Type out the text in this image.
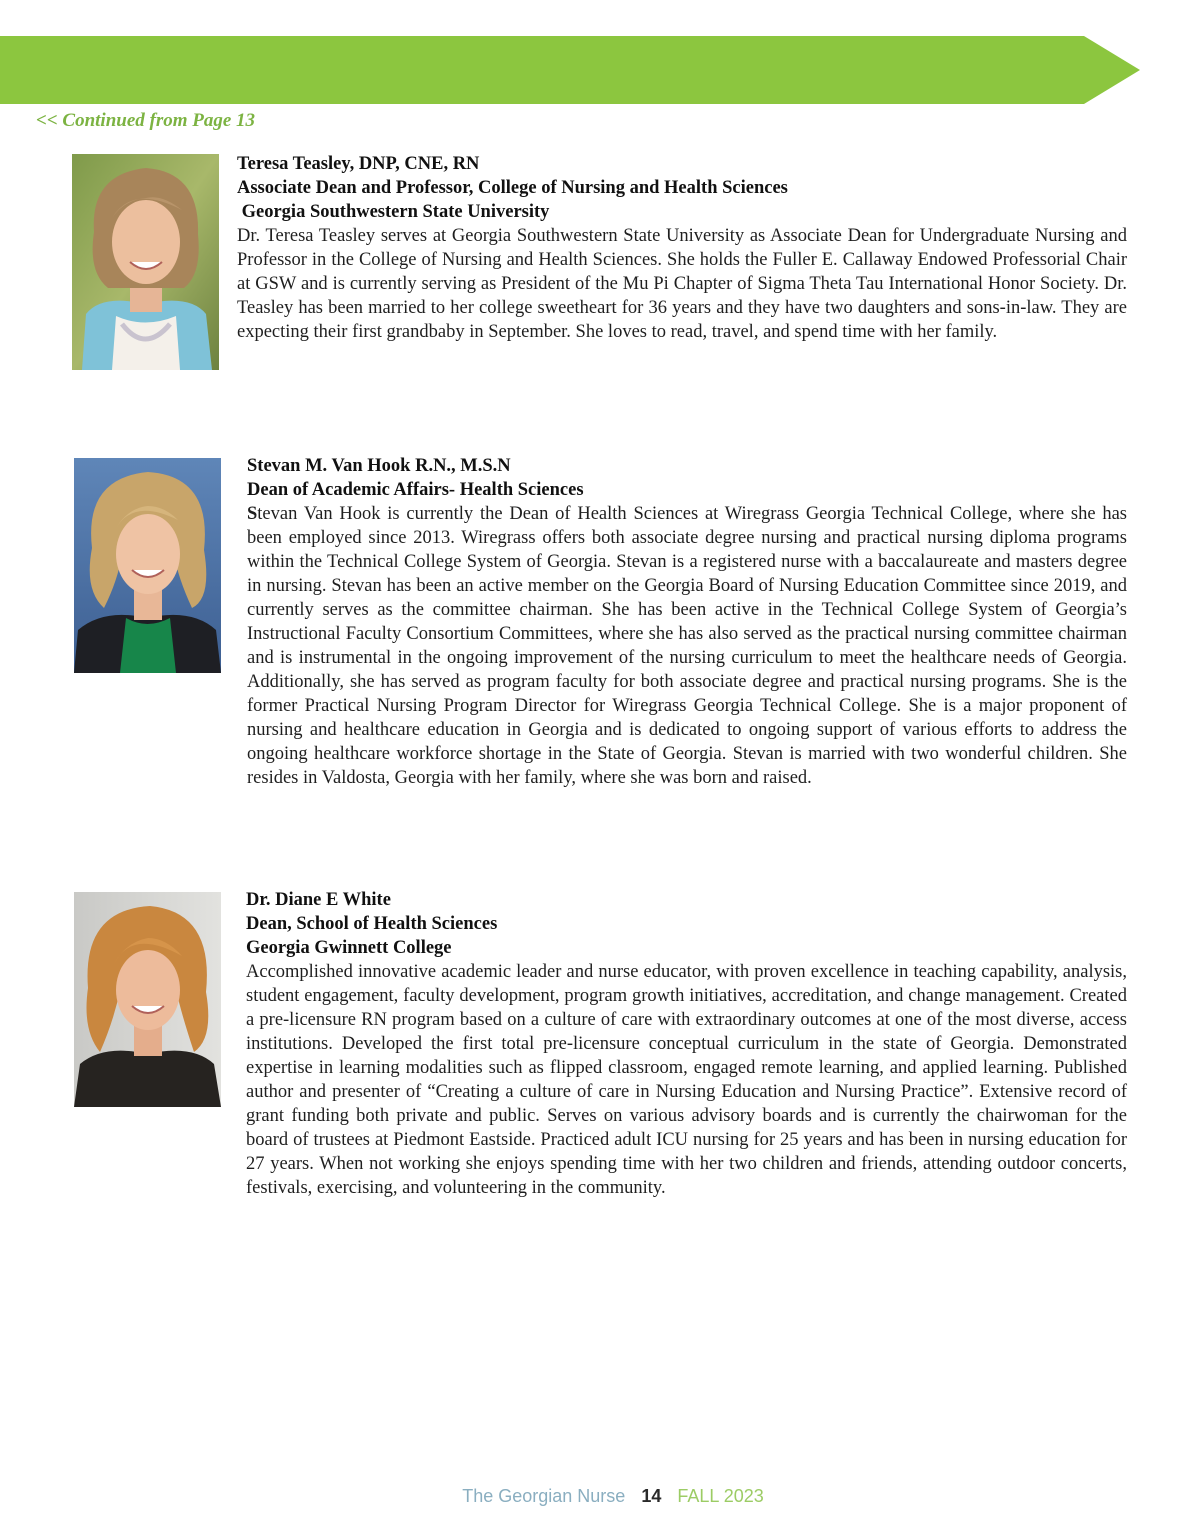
<< Continued from Page 13

Teresa Teasley, DNP, CNE, RN

Associate Dean and Professor, College of Nursing and Health Sciences

Georgia Southwestern State University

Dr. Teresa Teasley serves at Georgia Southwestern State University as Associate Dean for Undergraduate Nursing and Professor in the College of Nursing and Health Sciences. She holds the Fuller E. Callaway Endowed Professorial Chair at GSW and is currently serving as President of the Mu Pi Chapter of Sigma Theta Tau International Honor Society. Dr. Teasley has been married to her college sweetheart for 36 years and they have two daughters and sons-in-law. They are expecting their first grandbaby in September. She loves to read, travel, and spend time with her family.

Stevan M. Van Hook R.N., M.S.N

Dean of Academic Affairs- Health Sciences

Stevan Van Hook is currently the Dean of Health Sciences at Wiregrass Georgia Technical College, where she has been employed since 2013. Wiregrass offers both associate degree nursing and practical nursing diploma programs within the Technical College System of Georgia. Stevan is a registered nurse with a baccalaureate and masters degree in nursing. Stevan has been an active member on the Georgia Board of Nursing Education Committee since 2019, and currently serves as the committee chairman. She has been active in the Technical College System of Georgia’s Instructional Faculty Consortium Committees, where she has also served as the practical nursing committee chairman and is instrumental in the ongoing improvement of the nursing curriculum to meet the healthcare needs of Georgia. Additionally, she has served as program faculty for both associate degree and practical nursing programs. She is the former Practical Nursing Program Director for Wiregrass Georgia Technical College. She is a major proponent of nursing and healthcare education in Georgia and is dedicated to ongoing support of various efforts to address the ongoing healthcare workforce shortage in the State of Georgia. Stevan is married with two wonderful children. She resides in Valdosta, Georgia with her family, where she was born and raised.

Dr. Diane E White

Dean, School of Health Sciences

Georgia Gwinnett College

Accomplished innovative academic leader and nurse educator, with proven excellence in teaching capability, analysis, student engagement, faculty development, program growth initiatives, accreditation, and change management. Created a pre-licensure RN program based on a culture of care with extraordinary outcomes at one of the most diverse, access institutions. Developed the first total pre-licensure conceptual curriculum in the state of Georgia. Demonstrated expertise in learning modalities such as flipped classroom, engaged remote learning, and applied learning. Published author and presenter of “Creating a culture of care in Nursing Education and Nursing Practice”. Extensive record of grant funding both private and public. Serves on various advisory boards and is currently the chairwoman for the board of trustees at Piedmont Eastside. Practiced adult ICU nursing for 25 years and has been in nursing education for 27 years. When not working she enjoys spending time with her two children and friends, attending outdoor concerts, festivals, exercising, and volunteering in the community.

The Georgian Nurse 14 FALL 2023
